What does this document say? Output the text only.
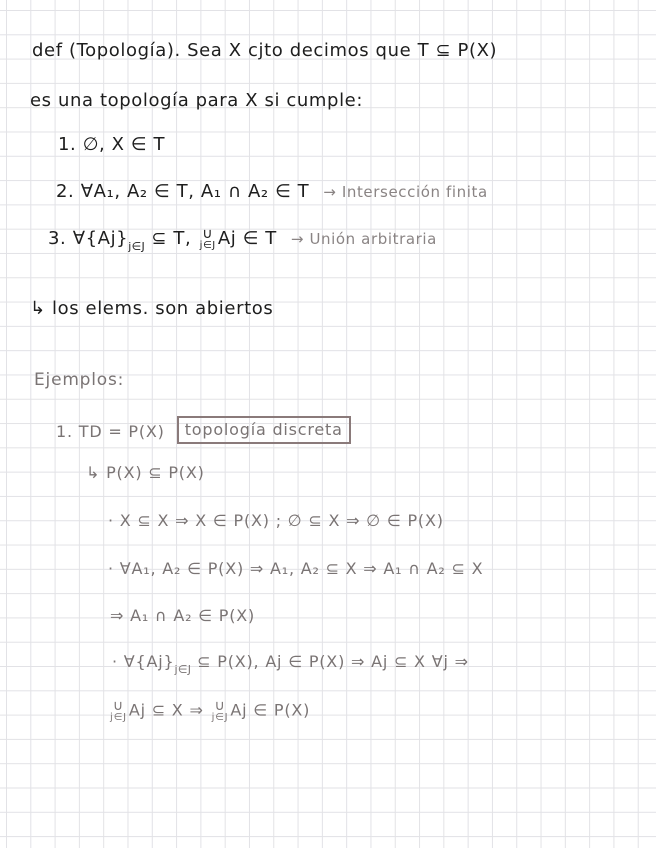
def (Topología). Sea X cjto decimos que T ⊆ P(X)
es una topología para X si cumple:
1. ∅, X ∈ T
2. ∀A₁, A₂ ∈ T, A₁ ∩ A₂ ∈ T → Intersección finita
3. $\forall\{Aj\}_{j\in J}$ ⊆ T, ∪
j∈J Aj ∈ T → Unión arbitraria
↳ los elems. son abiertos
Ejemplos:
1. TD = P(X) topología discreta
↳ P(X) ⊆ P(X)
· X ⊆ X ⇒ X ∈ P(X) ; ∅ ⊆ X ⇒ ∅ ∈ P(X)
· ∀A₁, A₂ ∈ P(X) ⇒ A₁, A₂ ⊆ X ⇒ A₁ ∩ A₂ ⊆ X
⇒ A₁ ∩ A₂ ∈ P(X)
· $\forall\{Aj\}_{j\in J}$ ⊆ P(X), Aj ∈ P(X) ⇒ Aj ⊆ X ∀j ⇒
∪
j∈J Aj ⊆ X ⇒ ∪
j∈J Aj ∈ P(X)
